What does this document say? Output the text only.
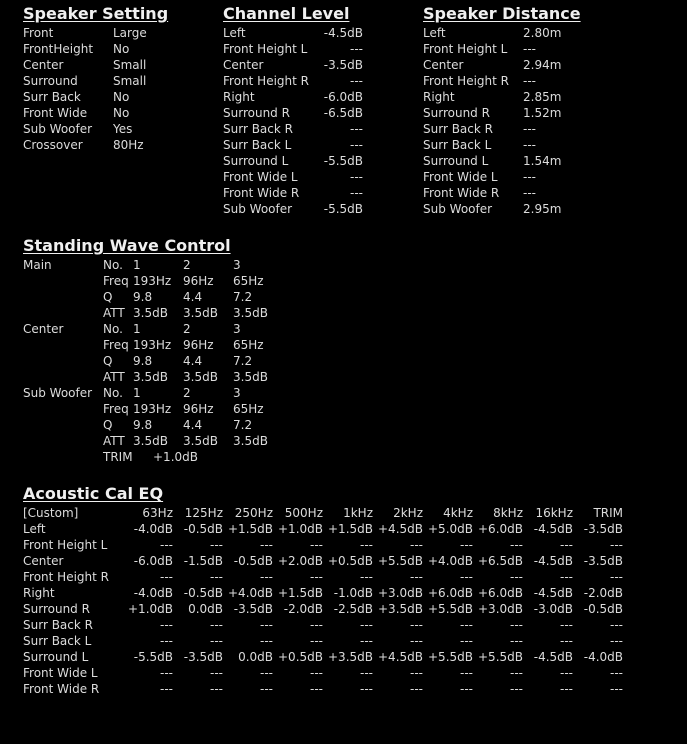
Speaker Setting
Front	Large
FrontHeight No
Center	Small
Surround	Small
Surr Back	No
Front Wide No
Sub Woofer Yes
Crossover	80Hz
Channel Level
Left	-4.5dB
Front Height L	---
Center	-3.5dB
Front Height R	---
Right	-6.0dB
Surround R	-6.5dB
Surr Back R	---
Surr Back L	---
Surround L	-5.5dB
Front Wide L	---
Front Wide R	---
Sub Woofer	-5.5dB
Speaker Distance
Left	2.80m
Front Height L ---
Center	2.94m
Front Height R ---
Right	2.85m
Surround R	1.52m
Surr Back R	---
Surr Back L	---
Surround L	1.54m
Front Wide L ---
Front Wide R ---
Sub Woofer	2.95m
Standing Wave Control
Main	No. 1	2	3
Freq 193Hz 96Hz 65Hz
Q 9.8	4.4	7.2
ATT 3.5dB 3.5dB 3.5dB
Center	No. 1	2	3
Freq 193Hz 96Hz 65Hz
Q 9.8	4.4	7.2
ATT 3.5dB 3.5dB 3.5dB
Sub Woofer No. 1	2	3
Freq 193Hz 96Hz 65Hz
Q 9.8	4.4	7.2
ATT 3.5dB 3.5dB 3.5dB
TRIM +1.0dB
Acoustic Cal EQ
[Custom]	63Hz 125Hz 250Hz 500Hz 1kHz 2kHz 4kHz 8kHz 16kHz TRIM
Left	-4.0dB -0.5dB +1.5dB +1.0dB +1.5dB +4.5dB +5.0dB +6.0dB -4.5dB -3.5dB
Front Height L	---	---	---	---	---	---	---	---	---	---
Center	-6.0dB -1.5dB -0.5dB +2.0dB +0.5dB +5.5dB +4.0dB +6.5dB -4.5dB -3.5dB
Front Height R	---	---	---	---	---	---	---	---	---	---
Right	-4.0dB -0.5dB +4.0dB +1.5dB -1.0dB +3.0dB +6.0dB +6.0dB -4.5dB -2.0dB
Surround R	+1.0dB 0.0dB -3.5dB -2.0dB -2.5dB +3.5dB +5.5dB +3.0dB -3.0dB -0.5dB
Surr Back R	---	---	---	---	---	---	---	---	---	---
Surr Back L	---	---	---	---	---	---	---	---	---	---
Surround L	-5.5dB -3.5dB 0.0dB +0.5dB +3.5dB +4.5dB +5.5dB +5.5dB -4.5dB -4.0dB
Front Wide L	---	---	---	---	---	---	---	---	---	---
Front Wide R	---	---	---	---	---	---	---	---	---	---
